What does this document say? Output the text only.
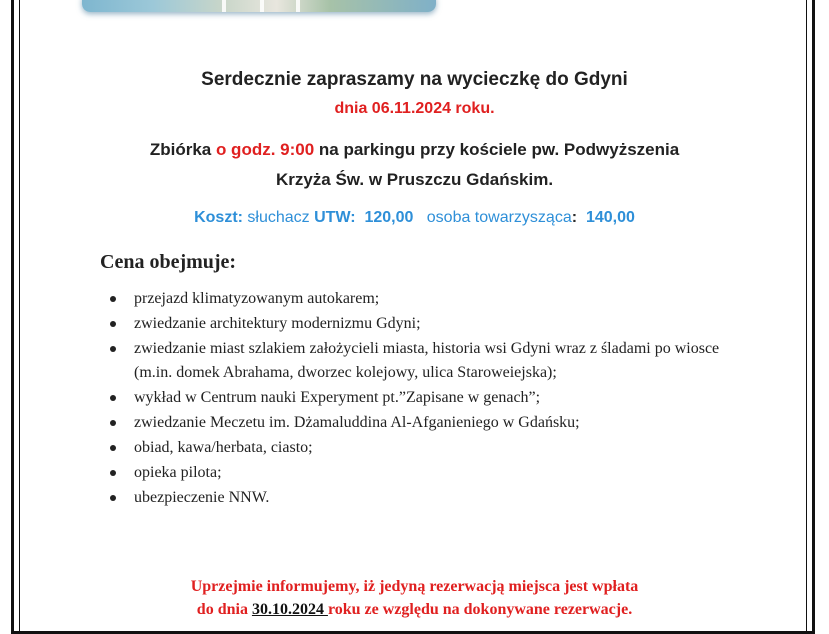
Serdecznie zapraszamy na wycieczkę do Gdyni
dnia 06.11.2024 roku.
Zbiórka o godz. 9:00 na parkingu przy kościele pw. Podwyższenia
Krzyża Św. w Pruszczu Gdańskim.
Koszt: słuchacz UTW: 120,00 osoba towarzysząca: 140,00
Cena obejmuje:
przejazd klimatyzowanym autokarem;
zwiedzanie architektury modernizmu Gdyni;
zwiedzanie miast szlakiem założycieli miasta, historia wsi Gdyni wraz z śladami po wiosce (m.in. domek Abrahama, dworzec kolejowy, ulica Staroweiejska);
wykład w Centrum nauki Experyment pt.”Zapisane w genach”;
zwiedzanie Meczetu im. Dżamaluddina Al-Afganieniego w Gdańsku;
obiad, kawa/herbata, ciasto;
opieka pilota;
ubezpieczenie NNW.
Uprzejmie informujemy, iż jedyną rezerwacją miejsca jest wpłata
do dnia 30.10.2024 roku ze względu na dokonywane rezerwacje.
